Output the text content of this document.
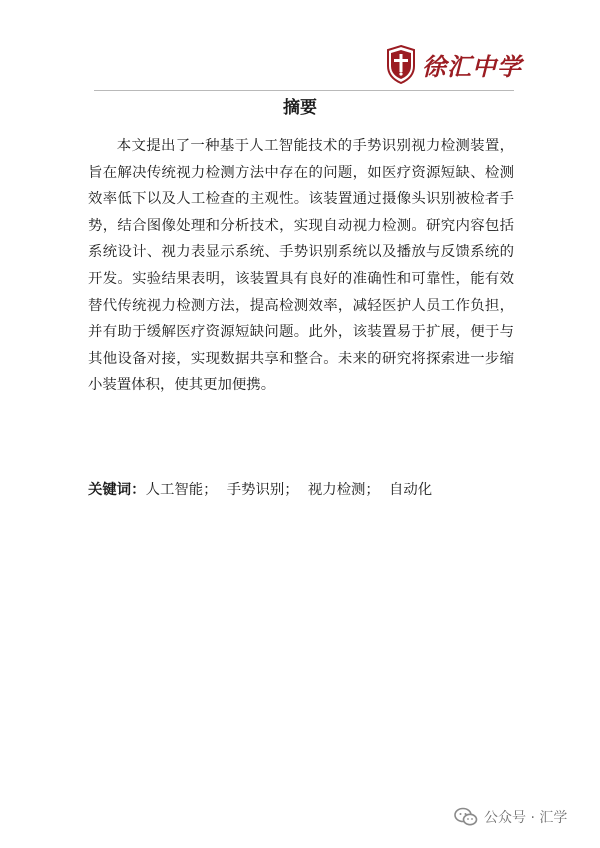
徐汇中学
摘要

本文提出了一种基于人工智能技术的手势识别视力检测装置，旨在解决传统视力检测方法中存在的问题，如医疗资源短缺、检测效率低下以及人工检查的主观性。该装置通过摄像头识别被检者手势，结合图像处理和分析技术，实现自动视力检测。研究内容包括系统设计、视力表显示系统、手势识别系统以及播放与反馈系统的开发。实验结果表明，该装置具有良好的准确性和可靠性，能有效替代传统视力检测方法，提高检测效率，减轻医护人员工作负担，并有助于缓解医疗资源短缺问题。此外，该装置易于扩展，便于与其他设备对接，实现数据共享和整合。未来的研究将探索进一步缩小装置体积，使其更加便携。

关键词：人工智能； 手势识别； 视力检测； 自动化
公众号 · 汇学
